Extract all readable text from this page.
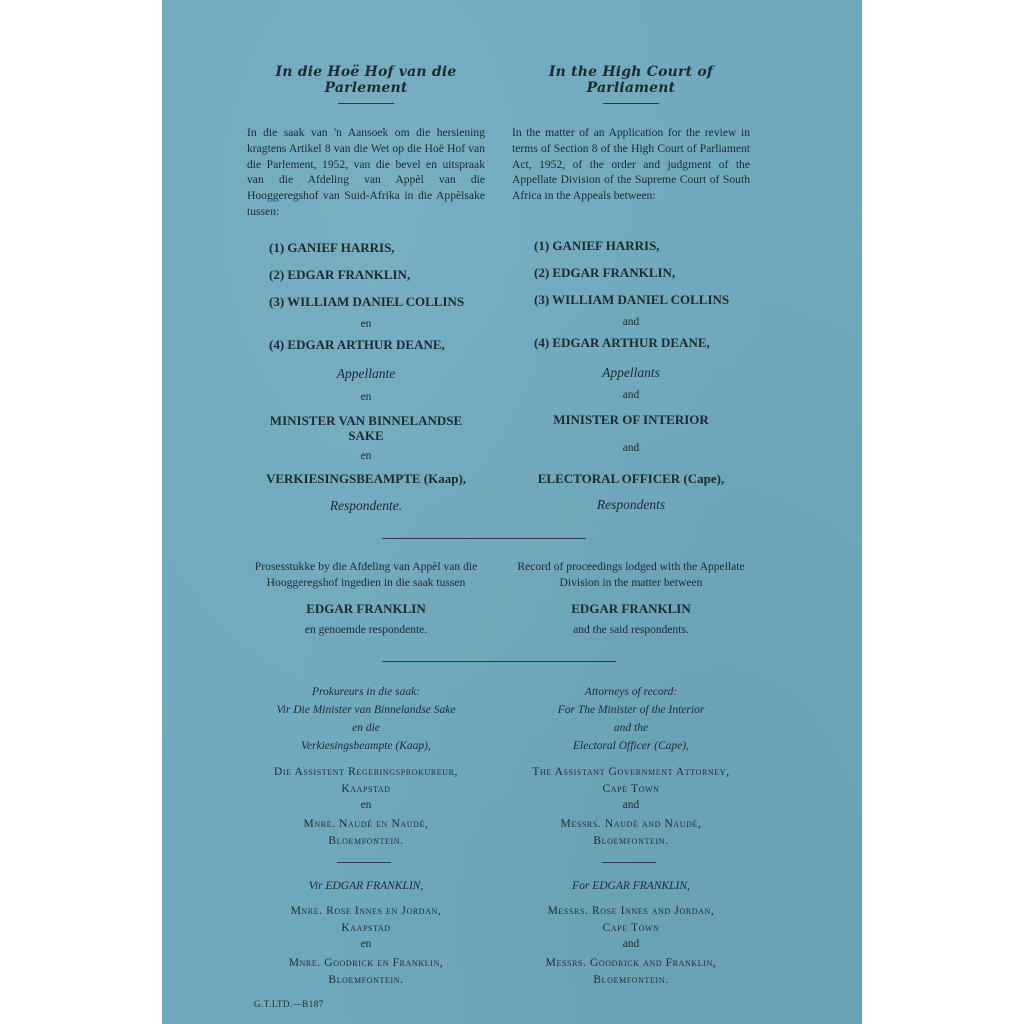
In die Hoë Hof van die Parlement
In the High Court of Parliament
In die saak van 'n Aansoek om die hersiening kragtens Artikel 8 van die Wet op die Hoë Hof van die Parlement, 1952, van die bevel en uitspraak van die Afdeling van Appèl van die Hooggeregshof van Suid-Afrika in die Appèlsake tussen:
In the matter of an Application for the review in terms of Section 8 of the High Court of Parliament Act, 1952, of the order and judgment of the Appellate Division of the Supreme Court of South Africa in the Appeals between:
(1) GANIEF HARRIS,
(2) EDGAR FRANKLIN,
(3) WILLIAM DANIEL COLLINS
en
(4) EDGAR ARTHUR DEANE,
Appellante
en
MINISTER VAN BINNELANDSE
SAKE
en
VERKIESINGSBEAMPTE (Kaap),
Respondente.
(1) GANIEF HARRIS,
(2) EDGAR FRANKLIN,
(3) WILLIAM DANIEL COLLINS
and
(4) EDGAR ARTHUR DEANE,
Appellants
and
MINISTER OF INTERIOR
and
ELECTORAL OFFICER (Cape),
Respondents
Prosesstukke by die Afdeling van Appèl van die Hooggeregshof ingedien in die saak tussen
Record of proceedings lodged with the Appellate Division in the matter between
EDGAR FRANKLIN	EDGAR FRANKLIN
en genoemde respondente.	and the said respondents.
Prokureurs in die saak:
Vir Die Minister van Binnelandse Sake
en die
Verkiesingsbeampte (Kaap),
Die Assistent Regeringsprokureur,
Kaapstad
en
Mnre. Naudé en Naudé,
Bloemfontein.
Vir EDGAR FRANKLIN,
Mnre. Rose Innes en Jordan,
Kaapstad
en
Mnre. Goodrick en Franklin,
Bloemfontein.
Attorneys of record:
For The Minister of the Interior
and the
Electoral Officer (Cape),
The Assistant Government Attorney,
Cape Town
and
Messrs. Naudé and Naudé,
Bloemfontein.
For EDGAR FRANKLIN,
Messrs. Rose Innes and Jordan,
Cape Town
and
Messrs. Goodrick and Franklin,
Bloemfontein.
G.T.LTD.—B187
